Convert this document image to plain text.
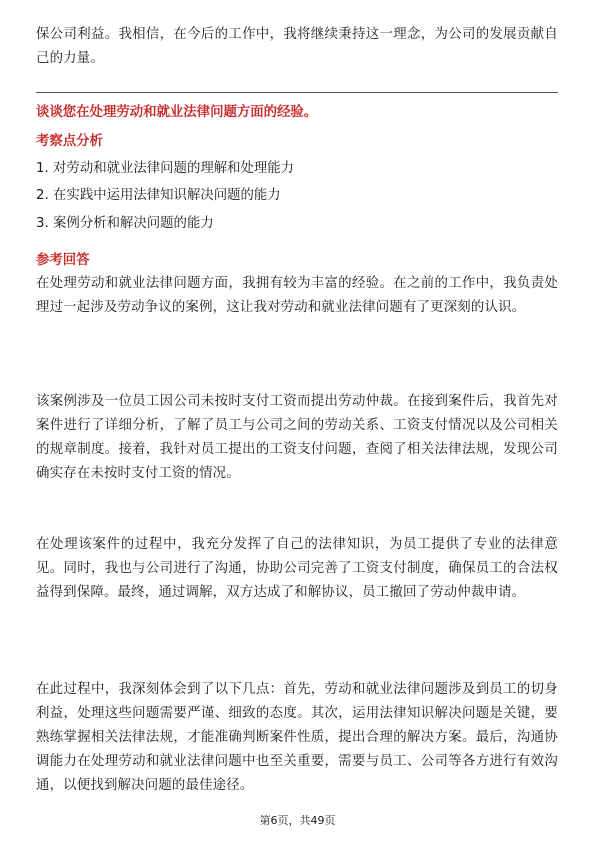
保公司利益。我相信，在今后的工作中，我将继续秉持这一理念，为公司的发展贡献自己的力量。

谈谈您在处理劳动和就业法律问题方面的经验。

考察点分析

1. 对劳动和就业法律问题的理解和处理能力

2. 在实践中运用法律知识解决问题的能力

3. 案例分析和解决问题的能力

参考回答

在处理劳动和就业法律问题方面，我拥有较为丰富的经验。在之前的工作中，我负责处理过一起涉及劳动争议的案例，这让我对劳动和就业法律问题有了更深刻的认识。

该案例涉及一位员工因公司未按时支付工资而提出劳动仲裁。在接到案件后，我首先对案件进行了详细分析，了解了员工与公司之间的劳动关系、工资支付情况以及公司相关的规章制度。接着，我针对员工提出的工资支付问题，查阅了相关法律法规，发现公司确实存在未按时支付工资的情况。

在处理该案件的过程中，我充分发挥了自己的法律知识，为员工提供了专业的法律意见。同时，我也与公司进行了沟通，协助公司完善了工资支付制度，确保员工的合法权益得到保障。最终，通过调解，双方达成了和解协议，员工撤回了劳动仲裁申请。

在此过程中，我深刻体会到了以下几点：首先，劳动和就业法律问题涉及到员工的切身利益，处理这些问题需要严谨、细致的态度。其次，运用法律知识解决问题是关键，要熟练掌握相关法律法规，才能准确判断案件性质，提出合理的解决方案。最后，沟通协调能力在处理劳动和就业法律问题中也至关重要，需要与员工、公司等各方进行有效沟通，以便找到解决问题的最佳途径。

第6页，共49页
